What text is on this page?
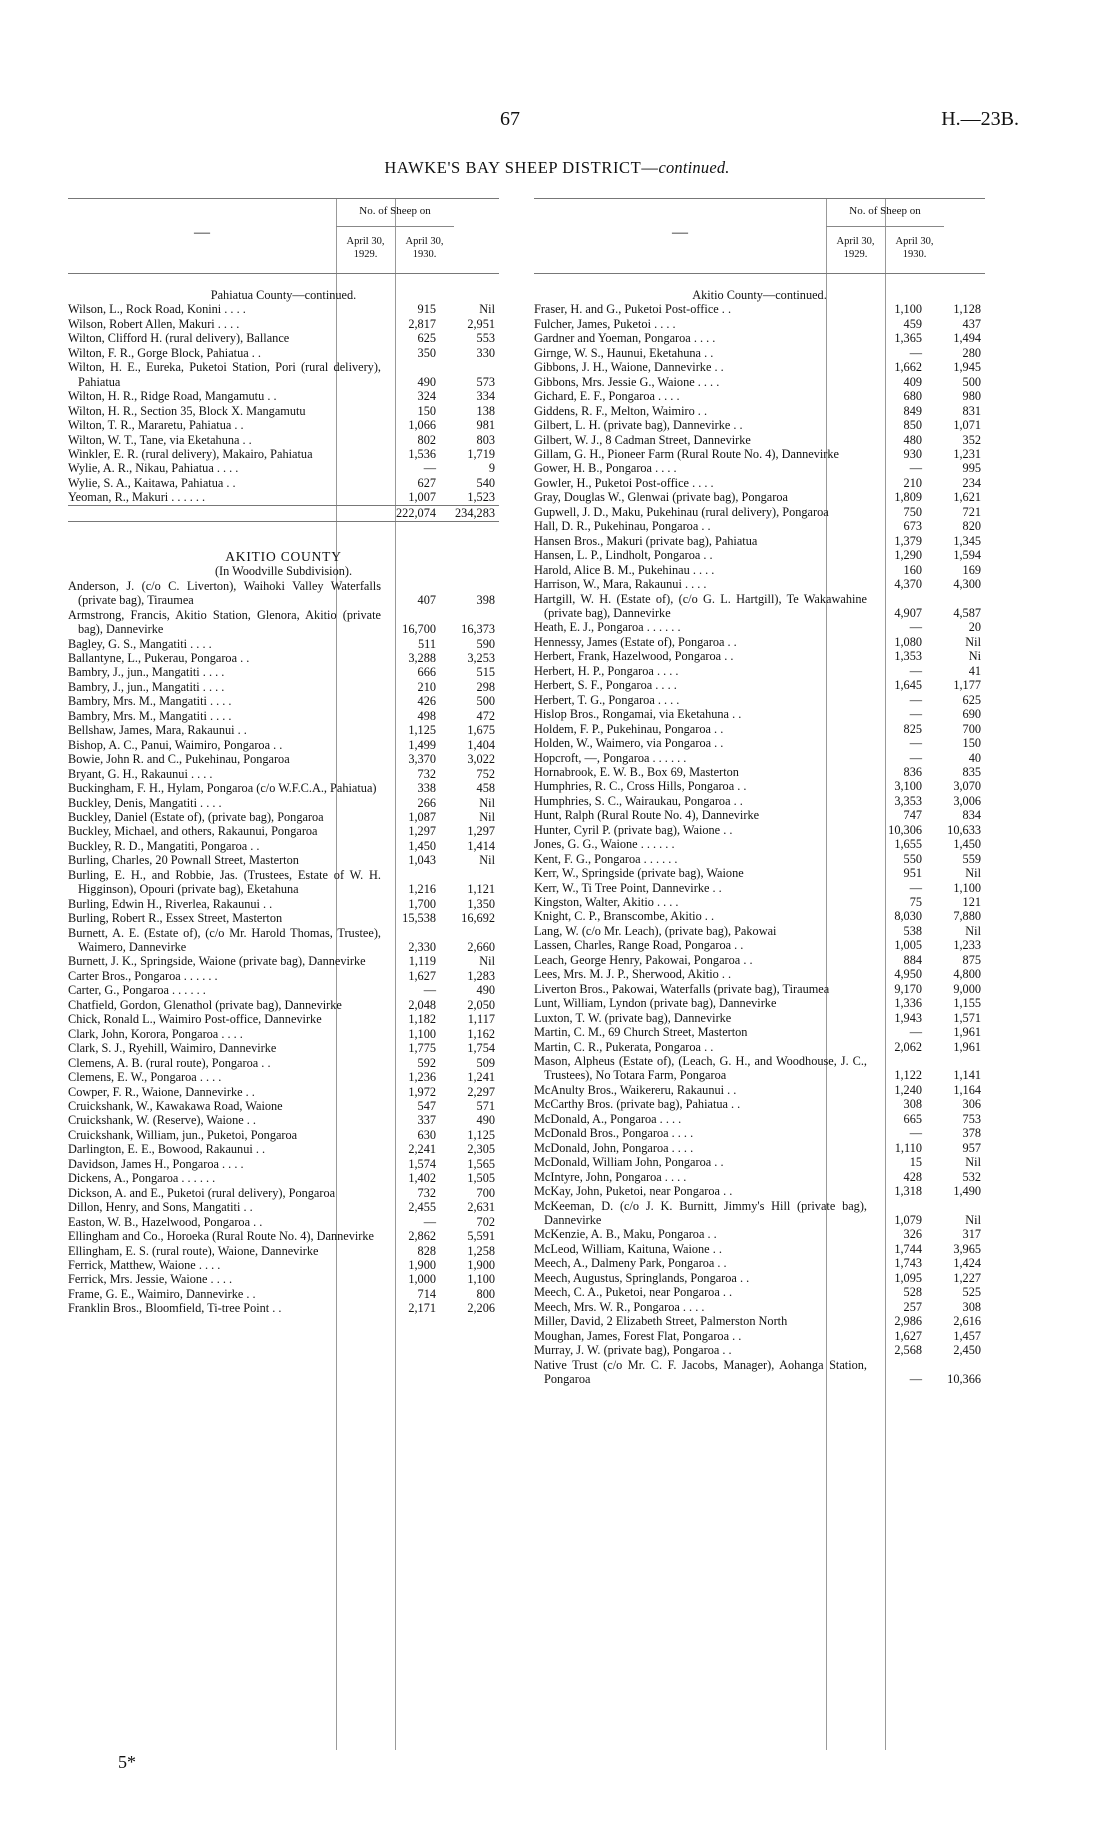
67	H.—23B.
HAWKE'S BAY SHEEP DISTRICT—continued.
—
No. of Sheep on
April 30,
1929.
April 30,
1930.
Pahiatua County—continued.
Wilson, L., Rock Road, Konini . . . .	915	Nil
Wilson, Robert Allen, Makuri . . . .	2,817	2,951
Wilton, Clifford H. (rural delivery), Ballance	625	553
Wilton, F. R., Gorge Block, Pahiatua . .	350	330
Wilton, H. E., Eureka, Puketoi Station, Pori (rural delivery), Pahiatua	490	573
Wilton, H. R., Ridge Road, Mangamutu . .	324	334
Wilton, H. R., Section 35, Block X. Mangamutu	150	138
Wilton, T. R., Mararetu, Pahiatua . .	1,066	981
Wilton, W. T., Tane, via Eketahuna . .	802	803
Winkler, E. R. (rural delivery), Makairo, Pahiatua	1,536	1,719
Wylie, A. R., Nikau, Pahiatua . . . .	—	9
Wylie, S. A., Kaitawa, Pahiatua . .	627	540
Yeoman, R., Makuri . . . . . .	1,007	1,523
222,074	234,283
AKITIO COUNTY
(In Woodville Subdivision).
Anderson, J. (c/o C. Liverton), Waihoki Valley Waterfalls (private bag), Tiraumea	407	398
Armstrong, Francis, Akitio Station, Glenora, Akitio (private bag), Dannevirke	16,700	16,373
Bagley, G. S., Mangatiti . . . .	511	590
Ballantyne, L., Pukerau, Pongaroa . .	3,288	3,253
Bambry, J., jun., Mangatiti . . . .	666	515
Bambry, J., jun., Mangatiti . . . .	210	298
Bambry, Mrs. M., Mangatiti . . . .	426	500
Bambry, Mrs. M., Mangatiti . . . .	498	472
Bellshaw, James, Mara, Rakaunui . .	1,125	1,675
Bishop, A. C., Panui, Waimiro, Pongaroa . .	1,499	1,404
Bowie, John R. and C., Pukehinau, Pongaroa	3,370	3,022
Bryant, G. H., Rakaunui . . . .	732	752
Buckingham, F. H., Hylam, Pongaroa (c/o W.F.C.A., Pahiatua)	338	458
Buckley, Denis, Mangatiti . . . .	266	Nil
Buckley, Daniel (Estate of), (private bag), Pongaroa	1,087	Nil
Buckley, Michael, and others, Rakaunui, Pongaroa	1,297	1,297
Buckley, R. D., Mangatiti, Pongaroa . .	1,450	1,414
Burling, Charles, 20 Pownall Street, Masterton	1,043	Nil
Burling, E. H., and Robbie, Jas. (Trustees, Estate of W. H. Higginson), Opouri (private bag), Eketahuna	1,216	1,121
Burling, Edwin H., Riverlea, Rakaunui . .	1,700	1,350
Burling, Robert R., Essex Street, Masterton	15,538	16,692
Burnett, A. E. (Estate of), (c/o Mr. Harold Thomas, Trustee), Waimero, Dannevirke	2,330	2,660
Burnett, J. K., Springside, Waione (private bag), Dannevirke	1,119	Nil
Carter Bros., Pongaroa . . . . . .	1,627	1,283
Carter, G., Pongaroa . . . . . .	—	490
Chatfield, Gordon, Glenathol (private bag), Dannevirke	2,048	2,050
Chick, Ronald L., Waimiro Post-office, Dannevirke	1,182	1,117
Clark, John, Korora, Pongaroa . . . .	1,100	1,162
Clark, S. J., Ryehill, Waimiro, Dannevirke	1,775	1,754
Clemens, A. B. (rural route), Pongaroa . .	592	509
Clemens, E. W., Pongaroa . . . .	1,236	1,241
Cowper, F. R., Waione, Dannevirke . .	1,972	2,297
Cruickshank, W., Kawakawa Road, Waione	547	571
Cruickshank, W. (Reserve), Waione . .	337	490
Cruickshank, William, jun., Puketoi, Pongaroa	630	1,125
Darlington, E. E., Bowood, Rakaunui . .	2,241	2,305
Davidson, James H., Pongaroa . . . .	1,574	1,565
Dickens, A., Pongaroa . . . . . .	1,402	1,505
Dickson, A. and E., Puketoi (rural delivery), Pongaroa	732	700
Dillon, Henry, and Sons, Mangatiti . .	2,455	2,631
Easton, W. B., Hazelwood, Pongaroa . .	—	702
Ellingham and Co., Horoeka (Rural Route No. 4), Dannevirke	2,862	5,591
Ellingham, E. S. (rural route), Waione, Dannevirke	828	1,258
Ferrick, Matthew, Waione . . . .	1,900	1,900
Ferrick, Mrs. Jessie, Waione . . . .	1,000	1,100
Frame, G. E., Waimiro, Dannevirke . .	714	800
Franklin Bros., Bloomfield, Ti-tree Point . .	2,171	2,206
—
No. of Sheep on
April 30,
1929.
April 30,
1930.
Akitio County—continued.
Fraser, H. and G., Puketoi Post-office . .	1,100	1,128
Fulcher, James, Puketoi . . . .	459	437
Gardner and Yoeman, Pongaroa . . . .	1,365	1,494
Girnge, W. S., Haunui, Eketahuna . .	—	280
Gibbons, J. H., Waione, Dannevirke . .	1,662	1,945
Gibbons, Mrs. Jessie G., Waione . . . .	409	500
Gichard, E. F., Pongaroa . . . .	680	980
Giddens, R. F., Melton, Waimiro . .	849	831
Gilbert, L. H. (private bag), Dannevirke . .	850	1,071
Gilbert, W. J., 8 Cadman Street, Dannevirke	480	352
Gillam, G. H., Pioneer Farm (Rural Route No. 4), Dannevirke	930	1,231
Gower, H. B., Pongaroa . . . .	—	995
Gowler, H., Puketoi Post-office . . . .	210	234
Gray, Douglas W., Glenwai (private bag), Pongaroa	1,809	1,621
Gupwell, J. D., Maku, Pukehinau (rural delivery), Pongaroa	750	721
Hall, D. R., Pukehinau, Pongaroa . .	673	820
Hansen Bros., Makuri (private bag), Pahiatua	1,379	1,345
Hansen, L. P., Lindholt, Pongaroa . .	1,290	1,594
Harold, Alice B. M., Pukehinau . . . .	160	169
Harrison, W., Mara, Rakaunui . . . .	4,370	4,300
Hartgill, W. H. (Estate of), (c/o G. L. Hartgill), Te Wakawahine (private bag), Dannevirke	4,907	4,587
Heath, E. J., Pongaroa . . . . . .	—	20
Hennessy, James (Estate of), Pongaroa . .	1,080	Nil
Herbert, Frank, Hazelwood, Pongaroa . .	1,353	Ni
Herbert, H. P., Pongaroa . . . .	—	41
Herbert, S. F., Pongaroa . . . .	1,645	1,177
Herbert, T. G., Pongaroa . . . .	—	625
Hislop Bros., Rongamai, via Eketahuna . .	—	690
Holdem, F. P., Pukehinau, Pongaroa . .	825	700
Holden, W., Waimero, via Pongaroa . .	—	150
Hopcroft, —, Pongaroa . . . . . .	—	40
Hornabrook, E. W. B., Box 69, Masterton	836	835
Humphries, R. C., Cross Hills, Pongaroa . .	3,100	3,070
Humphries, S. C., Wairaukau, Pongaroa . .	3,353	3,006
Hunt, Ralph (Rural Route No. 4), Dannevirke	747	834
Hunter, Cyril P. (private bag), Waione . .	10,306	10,633
Jones, G. G., Waione . . . . . .	1,655	1,450
Kent, F. G., Pongaroa . . . . . .	550	559
Kerr, W., Springside (private bag), Waione	951	Nil
Kerr, W., Ti Tree Point, Dannevirke . .	—	1,100
Kingston, Walter, Akitio . . . .	75	121
Knight, C. P., Branscombe, Akitio . .	8,030	7,880
Lang, W. (c/o Mr. Leach), (private bag), Pakowai	538	Nil
Lassen, Charles, Range Road, Pongaroa . .	1,005	1,233
Leach, George Henry, Pakowai, Pongaroa . .	884	875
Lees, Mrs. M. J. P., Sherwood, Akitio . .	4,950	4,800
Liverton Bros., Pakowai, Waterfalls (private bag), Tiraumea	9,170	9,000
Lunt, William, Lyndon (private bag), Dannevirke	1,336	1,155
Luxton, T. W. (private bag), Dannevirke	1,943	1,571
Martin, C. M., 69 Church Street, Masterton	—	1,961
Martin, C. R., Pukerata, Pongaroa . .	2,062	1,961
Mason, Alpheus (Estate of), (Leach, G. H., and Woodhouse, J. C., Trustees), No Totara Farm, Pongaroa	1,122	1,141
McAnulty Bros., Waikereru, Rakaunui . .	1,240	1,164
McCarthy Bros. (private bag), Pahiatua . .	308	306
McDonald, A., Pongaroa . . . .	665	753
McDonald Bros., Pongaroa . . . .	—	378
McDonald, John, Pongaroa . . . .	1,110	957
McDonald, William John, Pongaroa . .	15	Nil
McIntyre, John, Pongaroa . . . .	428	532
McKay, John, Puketoi, near Pongaroa . .	1,318	1,490
McKeeman, D. (c/o J. K. Burnitt, Jimmy's Hill (private bag), Dannevirke	1,079	Nil
McKenzie, A. B., Maku, Pongaroa . .	326	317
McLeod, William, Kaituna, Waione . .	1,744	3,965
Meech, A., Dalmeny Park, Pongaroa . .	1,743	1,424
Meech, Augustus, Springlands, Pongaroa . .	1,095	1,227
Meech, C. A., Puketoi, near Pongaroa . .	528	525
Meech, Mrs. W. R., Pongaroa . . . .	257	308
Miller, David, 2 Elizabeth Street, Palmerston North	2,986	2,616
Moughan, James, Forest Flat, Pongaroa . .	1,627	1,457
Murray, J. W. (private bag), Pongaroa . .	2,568	2,450
Native Trust (c/o Mr. C. F. Jacobs, Manager), Aohanga Station, Pongaroa	—	10,366
5*
